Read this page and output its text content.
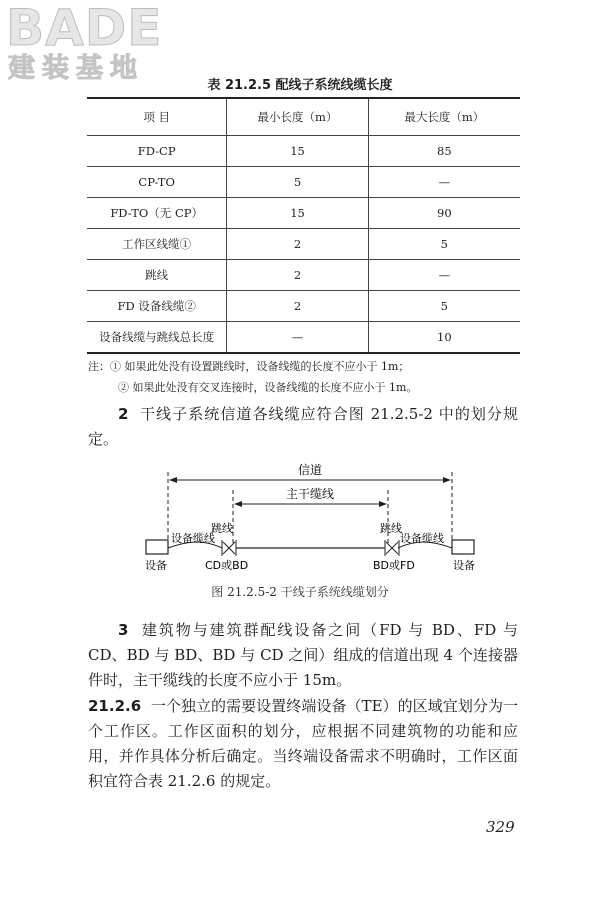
BADE
建装基地
表 21.2.5 配线子系统线缆长度
项 目	最小长度（m）	最大长度（m）
FD-CP	15	85
CP-TO	5	—
FD-TO（无 CP）	15	90
工作区线缆①	2	5
跳线	2	—
FD 设备线缆②	2	5
设备线缆与跳线总长度	—	10
注：① 如果此处没有设置跳线时，设备线缆的长度不应小于 1m；
② 如果此处没有交叉连接时，设备线缆的长度不应小于 1m。
2 干线子系统信道各线缆应符合图 21.2.5-2 中的划分规定。
信道
主干缆线
设备缆线	设备缆线
跳线	跳线
CD或BD	BD或FD
设备	设备
图 21.2.5-2 干线子系统线缆划分
3 建筑物与建筑群配线设备之间（FD 与 BD、FD 与 CD、BD 与 BD、BD 与 CD 之间）组成的信道出现 4 个连接器件时，主干缆线的长度不应小于 15m。
21.2.6 一个独立的需要设置终端设备（TE）的区域宜划分为一个工作区。工作区面积的划分，应根据不同建筑物的功能和应用，并作具体分析后确定。当终端设备需求不明确时，工作区面积宜符合表 21.2.6 的规定。
329
